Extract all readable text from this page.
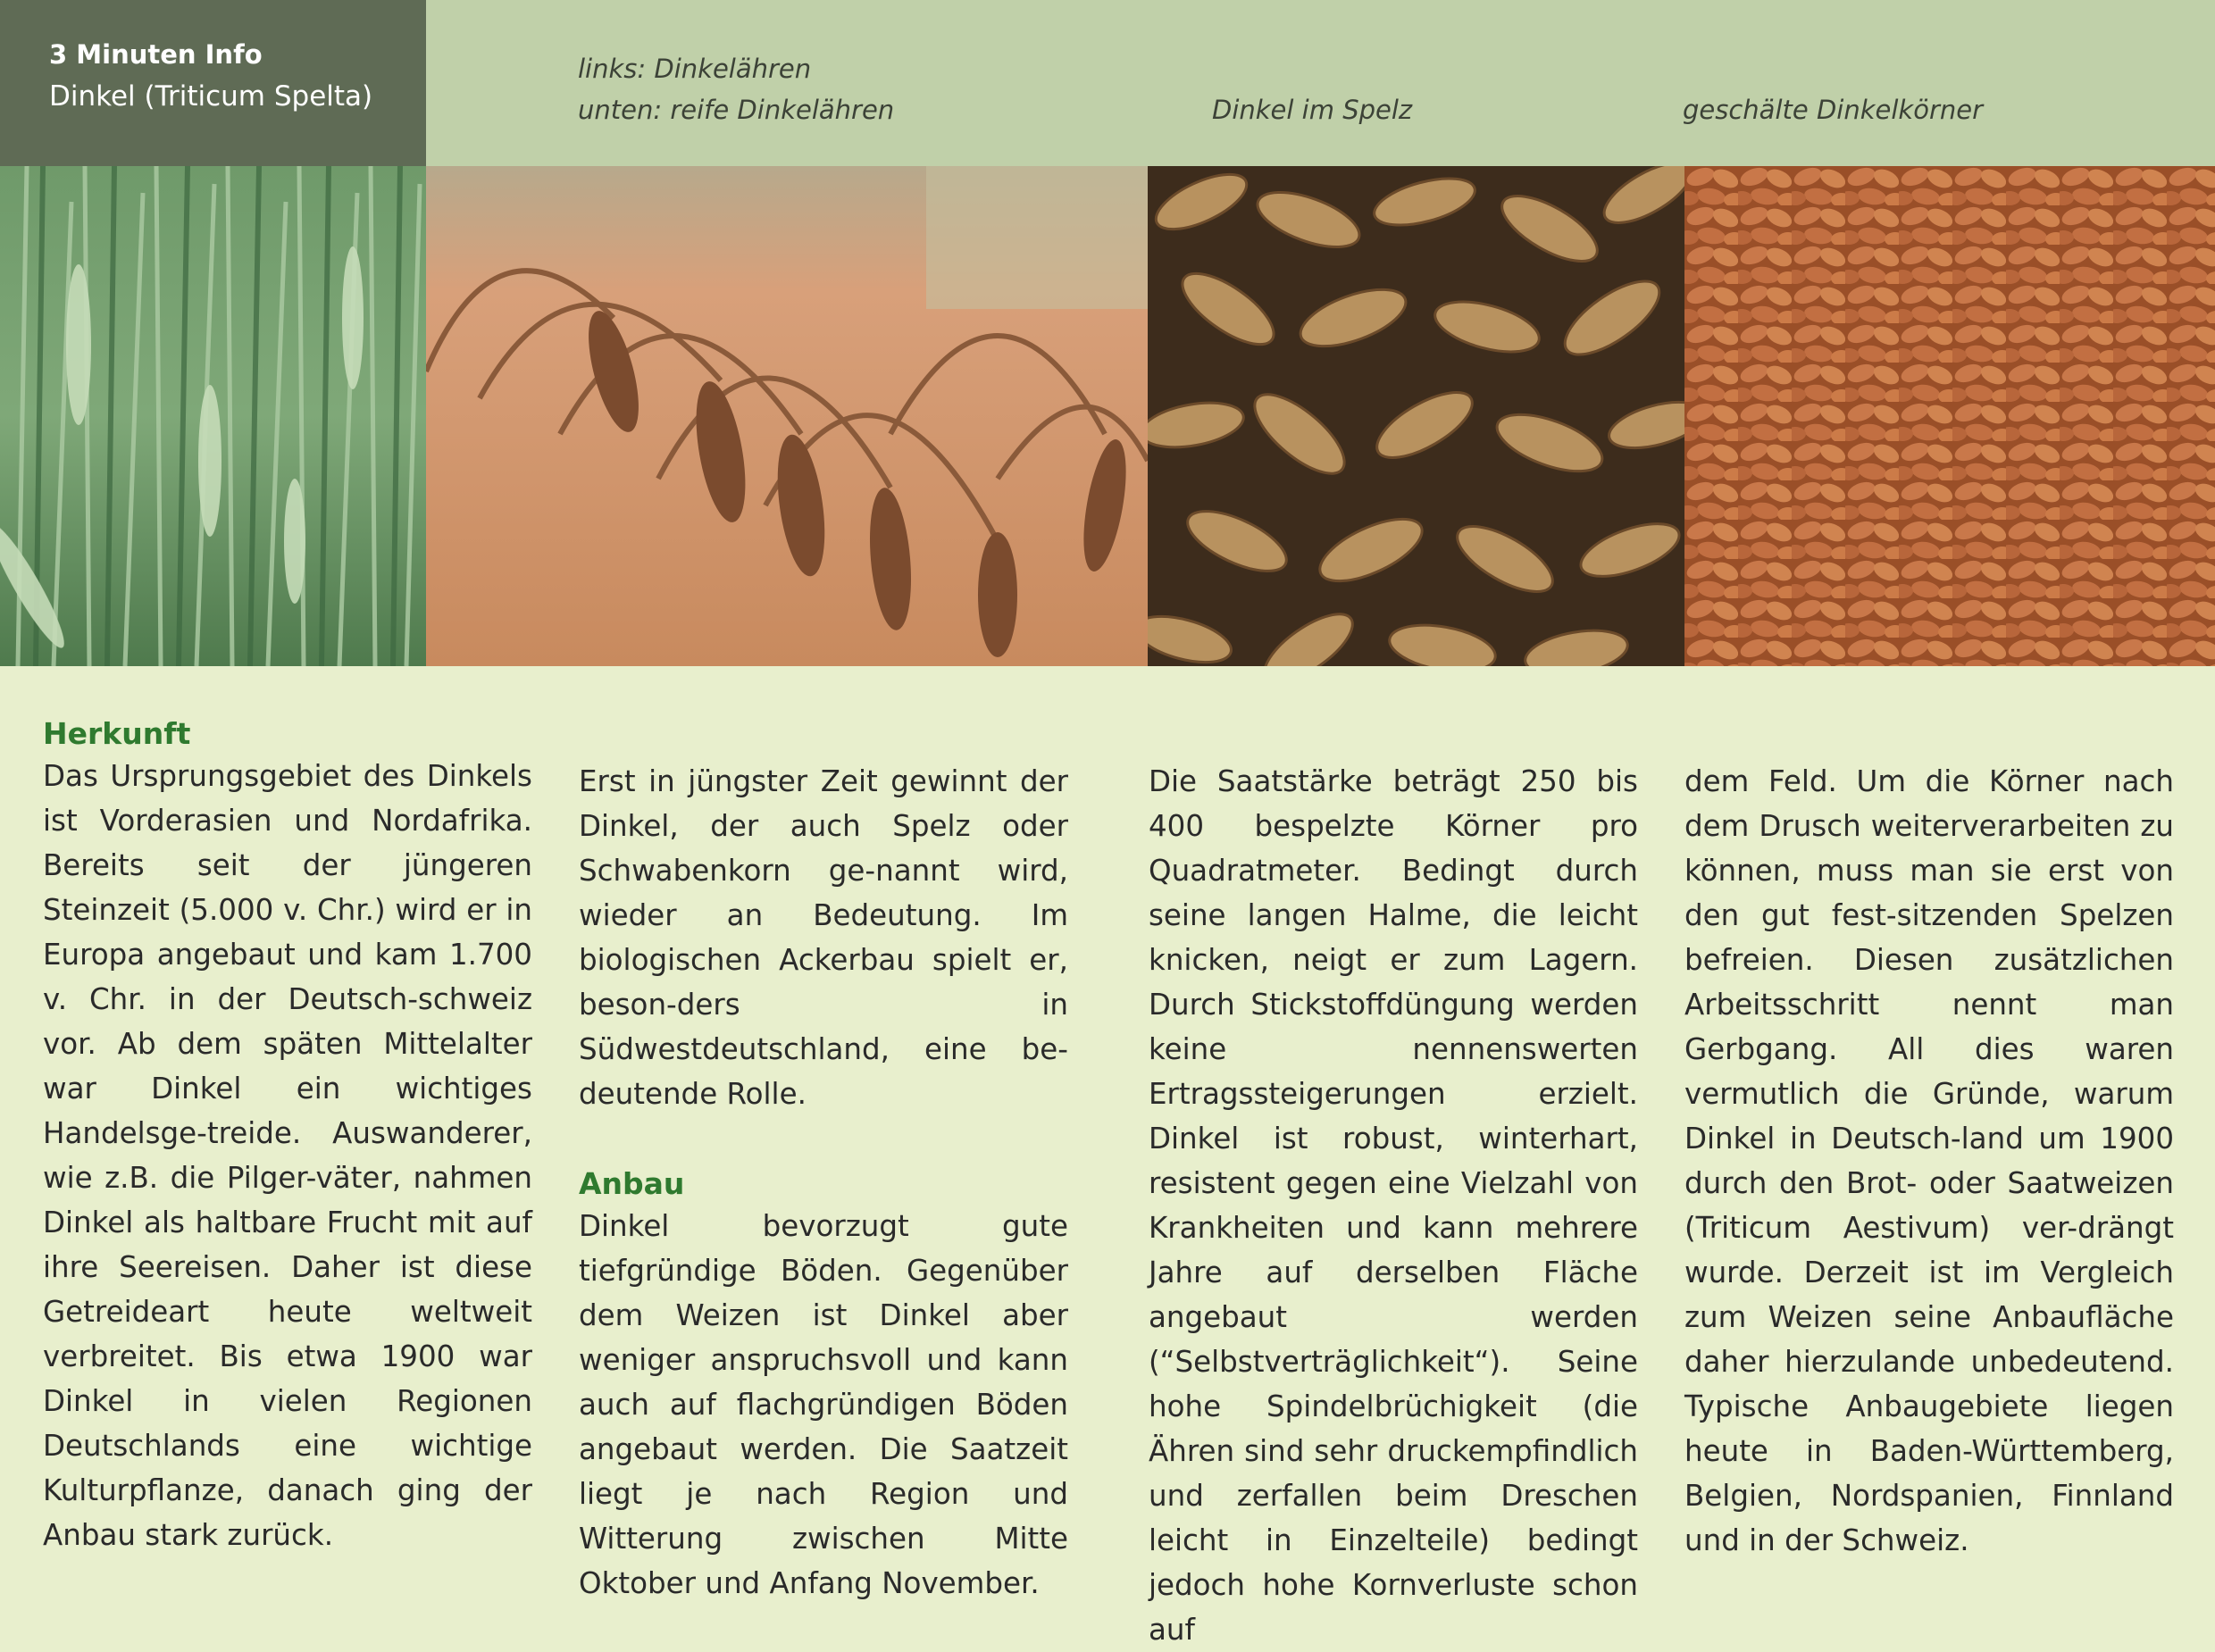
3 Minuten Info
Dinkel (Triticum Spelta)
links: Dinkelähren
unten: reife Dinkelähren	Dinkel im Spelz	geschälte Dinkelkörner
Herkunft

Das Ursprungsgebiet des Dinkels ist Vorderasien und Nordafrika. Bereits seit der jüngeren Steinzeit (5.000 v. Chr.) wird er in Europa angebaut und kam 1.700 v. Chr. in der Deutsch-schweiz vor. Ab dem späten Mittelalter war Dinkel ein wichtiges Handelsge-treide. Auswanderer, wie z.B. die Pilger-väter, nahmen Dinkel als haltbare Frucht mit auf ihre Seereisen. Daher ist diese Getreideart heute weltweit verbreitet. Bis etwa 1900 war Dinkel in vielen Regionen Deutschlands eine wichtige Kulturpflanze, danach ging der Anbau stark zurück.

Erst in jüngster Zeit gewinnt der Dinkel, der auch Spelz oder Schwabenkorn ge-nannt wird, wieder an Bedeutung. Im biologischen Ackerbau spielt er, beson-ders in Südwestdeutschland, eine be-deutende Rolle.

Anbau

Dinkel bevorzugt gute tiefgründige Böden. Gegenüber dem Weizen ist Dinkel aber weniger anspruchsvoll und kann auch auf flachgründigen Böden angebaut werden. Die Saatzeit liegt je nach Region und Witterung zwischen Mitte Oktober und Anfang November.

Die Saatstärke beträgt 250 bis 400 bespelzte Körner pro Quadratmeter. Bedingt durch seine langen Halme, die leicht knicken, neigt er zum Lagern. Durch Stickstoffdüngung werden keine nennenswerten Ertragssteigerungen erzielt. Dinkel ist robust, winterhart, resistent gegen eine Vielzahl von Krankheiten und kann mehrere Jahre auf derselben Fläche angebaut werden (“Selbstverträglichkeit“). Seine hohe Spindelbrüchigkeit (die Ähren sind sehr druckempfindlich und zerfallen beim Dreschen leicht in Einzelteile) bedingt jedoch hohe Kornverluste schon auf

dem Feld. Um die Körner nach dem Drusch weiterverarbeiten zu können, muss man sie erst von den gut fest-sitzenden Spelzen befreien. Diesen zusätzlichen Arbeitsschritt nennt man Gerbgang. All dies waren vermutlich die Gründe, warum Dinkel in Deutsch-land um 1900 durch den Brot- oder Saatweizen (Triticum Aestivum) ver-drängt wurde. Derzeit ist im Vergleich zum Weizen seine Anbaufläche daher hierzulande unbedeutend. Typische Anbaugebiete liegen heute in Baden-Württemberg, Belgien, Nordspanien, Finnland und in der Schweiz.
